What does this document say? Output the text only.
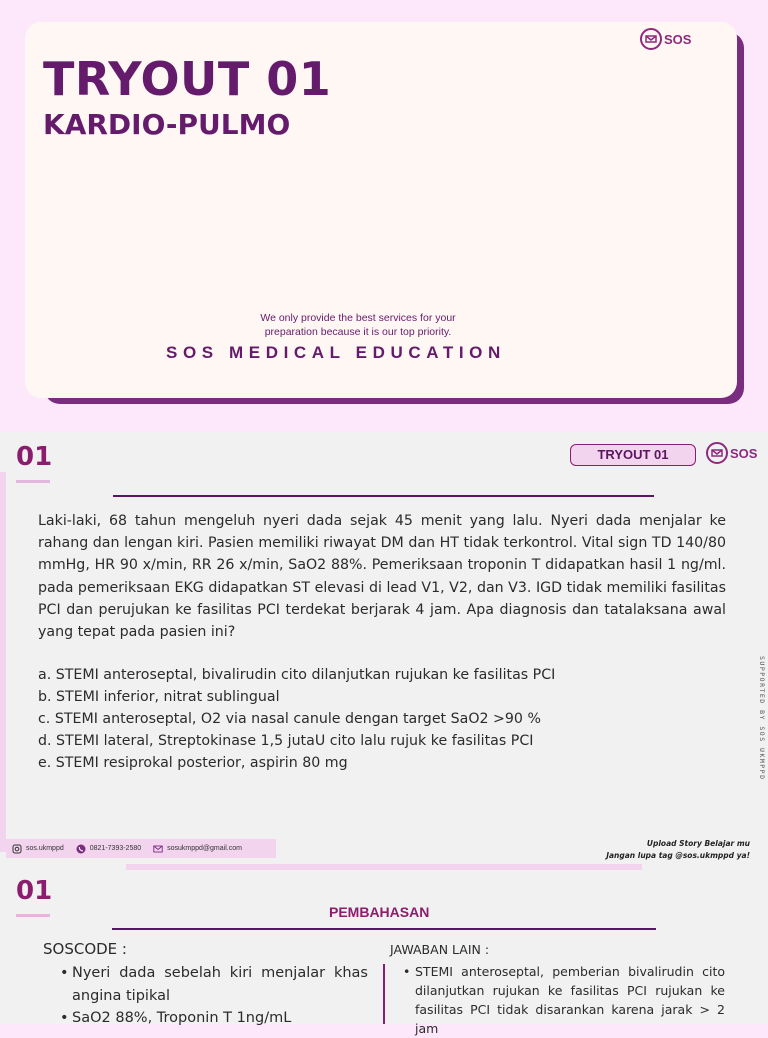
SOS
TRYOUT 01
KARDIO-PULMO
We only provide the best services for your
preparation because it is our top priority.
SOS MEDICAL EDUCATION
01	TRYOUT 01	SOS

Laki-laki, 68 tahun mengeluh nyeri dada sejak 45 menit yang lalu. Nyeri dada menjalar ke rahang dan lengan kiri. Pasien memiliki riwayat DM dan HT tidak terkontrol. Vital sign TD 140/80 mmHg, HR 90 x/min, RR 26 x/min, SaO2 88%. Pemeriksaan troponin T didapatkan hasil 1 ng/ml. pada pemeriksaan EKG didapatkan ST elevasi di lead V1, V2, dan V3. IGD tidak memiliki fasilitas PCI dan perujukan ke fasilitas PCI terdekat berjarak 4 jam. Apa diagnosis dan tatalaksana awal yang tepat pada pasien ini?

a. STEMI anteroseptal, bivalirudin cito dilanjutkan rujukan ke fasilitas PCI
b. STEMI inferior, nitrat sublingual
c. STEMI anteroseptal, O2 via nasal canule dengan target SaO2 >90 %
d. STEMI lateral, Streptokinase 1,5 jutaU cito lalu rujuk ke fasilitas PCI
e. STEMI resiprokal posterior, aspirin 80 mg	SUPPORTED BY SOS UKMPPD
sos.ukmppd	0821-7393-2580	sosukmppd@gmail.com
Upload Story Belajar mu
Jangan lupa tag @sos.ukmppd ya!
01
PEMBAHASAN
SOSCODE :
• Nyeri dada sebelah kiri menjalar khas angina tipikal
• SaO2 88%, Troponin T 1ng/mL
JAWABAN LAIN :
• STEMI anteroseptal, pemberian bivalirudin cito dilanjutkan rujukan ke fasilitas PCI rujukan ke fasilitas PCI tidak disarankan karena jarak > 2 jam
